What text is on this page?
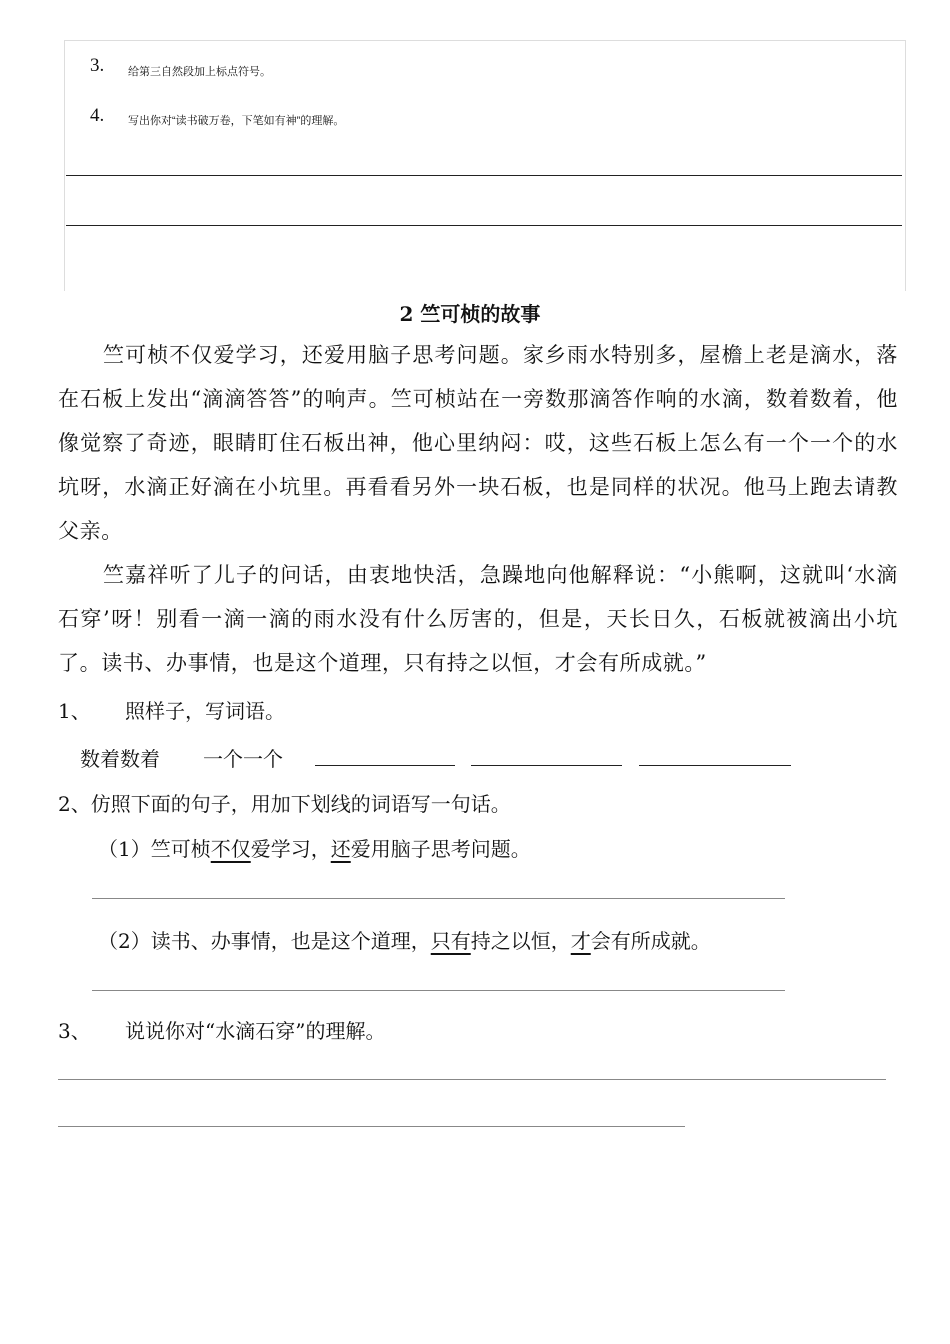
3. 给第三自然段加上标点符号。
4. 写出你对“读书破万卷，下笔如有神”的理解。
2 竺可桢的故事
竺可桢不仅爱学习，还爱用脑子思考问题。家乡雨水特别多，屋檐上老是滴水，落在石板上发出“滴滴答答”的响声。竺可桢站在一旁数那滴答作响的水滴，数着数着，他像觉察了奇迹，眼睛盯住石板出神，他心里纳闷：哎，这些石板上怎么有一个一个的水坑呀，水滴正好滴在小坑里。再看看另外一块石板，也是同样的状况。他马上跑去请教父亲。
竺嘉祥听了儿子的问话，由衷地快活，急躁地向他解释说：“小熊啊，这就叫‘水滴石穿’呀！别看一滴一滴的雨水没有什么厉害的，但是，天长日久，石板就被滴出小坑了。读书、办事情，也是这个道理，只有持之以恒，才会有所成就。”
1、 照样子，写词语。
数着数着 一个一个
2、仿照下面的句子，用加下划线的词语写一句话。
（1）竺可桢不仅爱学习，还爱用脑子思考问题。
（2）读书、办事情，也是这个道理，只有持之以恒，才会有所成就。
3、 说说你对“水滴石穿”的理解。
